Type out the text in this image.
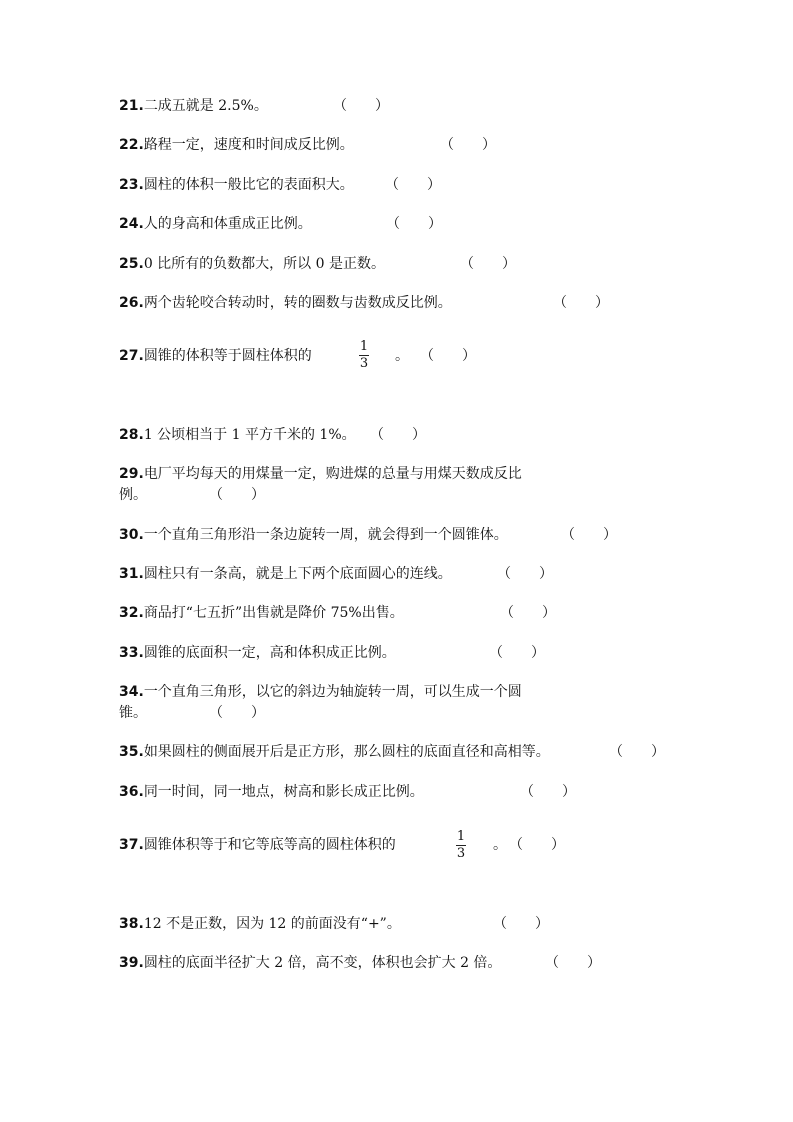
21.二成五就是 2.5%。	（　　）
22.路程一定，速度和时间成反比例。	（　　）
23.圆柱的体积一般比它的表面积大。 （　　）
24.人的身高和体重成正比例。	（　　）
25.0 比所有的负数都大，所以 0 是正数。	（　　）
26.两个齿轮咬合转动时，转的圈数与齿数成反比例。	（　　）
27.圆锥的体积等于圆柱体积的
1
3 。 （　　）
28.1 公顷相当于 1 平方千米的 1%。 （　　）
29.电厂平均每天的用煤量一定，购进煤的总量与用煤天数成反比
例。	（　　）
30.一个直角三角形沿一条边旋转一周，就会得到一个圆锥体。	（　　）
31.圆柱只有一条高，就是上下两个底面圆心的连线。	（　　）
32.商品打“七五折”出售就是降价 75%出售。	（　　）
33.圆锥的底面积一定，高和体积成正比例。	（　　）
34.一个直角三角形，以它的斜边为轴旋转一周，可以生成一个圆
锥。	（　　）
35.如果圆柱的侧面展开后是正方形，那么圆柱的底面直径和高相等。	（　　）
36.同一时间，同一地点，树高和影长成正比例。	（　　）
37.圆锥体积等于和它等底等高的圆柱体积的
1
3
。 （　　）
38.12 不是正数，因为 12 的前面没有“+”。	（　　）
39.圆柱的底面半径扩大 2 倍，高不变，体积也会扩大 2 倍。	（　　）
